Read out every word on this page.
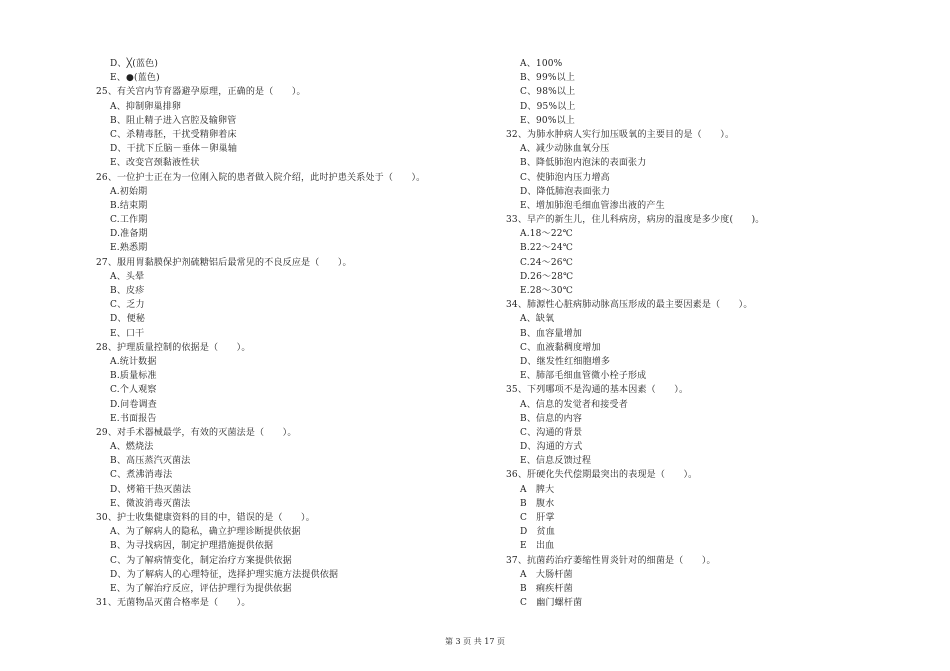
D、╳(蓝色)
E、●(蓝色)
25、有关宫内节育器避孕原理，正确的是（　　）。
A、抑制卵巢排卵
B、阻止精子进入宫腔及输卵管
C、杀精毒胚，干扰受精卵着床
D、干扰下丘脑－垂体－卵巢轴
E、改变宫颈黏液性状
26、一位护士正在为一位刚入院的患者做入院介绍，此时护患关系处于（　　）。
A.初始期
B.结束期
C.工作期
D.准备期
E.熟悉期
27、服用胃黏膜保护剂硫糖铝后最常见的不良反应是（　　）。
A、头晕
B、皮疹
C、乏力
D、便秘
E、口干
28、护理质量控制的依据是（　　）。
A.统计数据
B.质量标准
C.个人观察
D.问卷调查
E.书面报告
29、对手术器械最学，有效的灭菌法是（　　）。
A、燃烧法
B、高压蒸汽灭菌法
C、煮沸消毒法
D、烤箱干热灭菌法
E、微波消毒灭菌法
30、护士收集健康资料的目的中，错误的是（　　）。
A、为了解病人的隐私，确立护理诊断提供依据
B、为寻找病因，制定护理措施提供依据
C、为了解病情变化，制定治疗方案提供依据
D、为了解病人的心理特征，选择护理实施方法提供依据
E、为了解治疗反应，评估护理行为提供依据
31、无菌物品灭菌合格率是（　　）。
A、100%
B、99%以上
C、98%以上
D、95%以上
E、90%以上
32、为肺水肿病人实行加压吸氧的主要目的是（　　）。
A、减少动脉血氧分压
B、降低肺泡内泡沫的表面张力
C、使肺泡内压力增高
D、降低肺泡表面张力
E、增加肺泡毛细血管渗出液的产生
33、早产的新生儿，住儿科病房，病房的温度是多少度(　　)。
A.18～22℃
B.22～24℃
C.24～26℃
D.26～28℃
E.28～30℃
34、肺源性心脏病肺动脉高压形成的最主要因素是（　　）。
A、缺氧
B、血容量增加
C、血液黏稠度增加
D、继发性红细胞增多
E、肺部毛细血管微小栓子形成
35、下列哪项不是沟通的基本因素（　　）。
A、信息的发觉者和接受者
B、信息的内容
C、沟通的背景
D、沟通的方式
E、信息反馈过程
36、肝硬化失代偿期最突出的表现是（　　）。
A　脾大
B　腹水
C　肝掌
D　贫血
E　出血
37、抗菌药治疗萎缩性胃炎针对的细菌是（　　）。
A　大肠杆菌
B　痢疾杆菌
C　幽门螺杆菌
第 3 页 共 17 页
